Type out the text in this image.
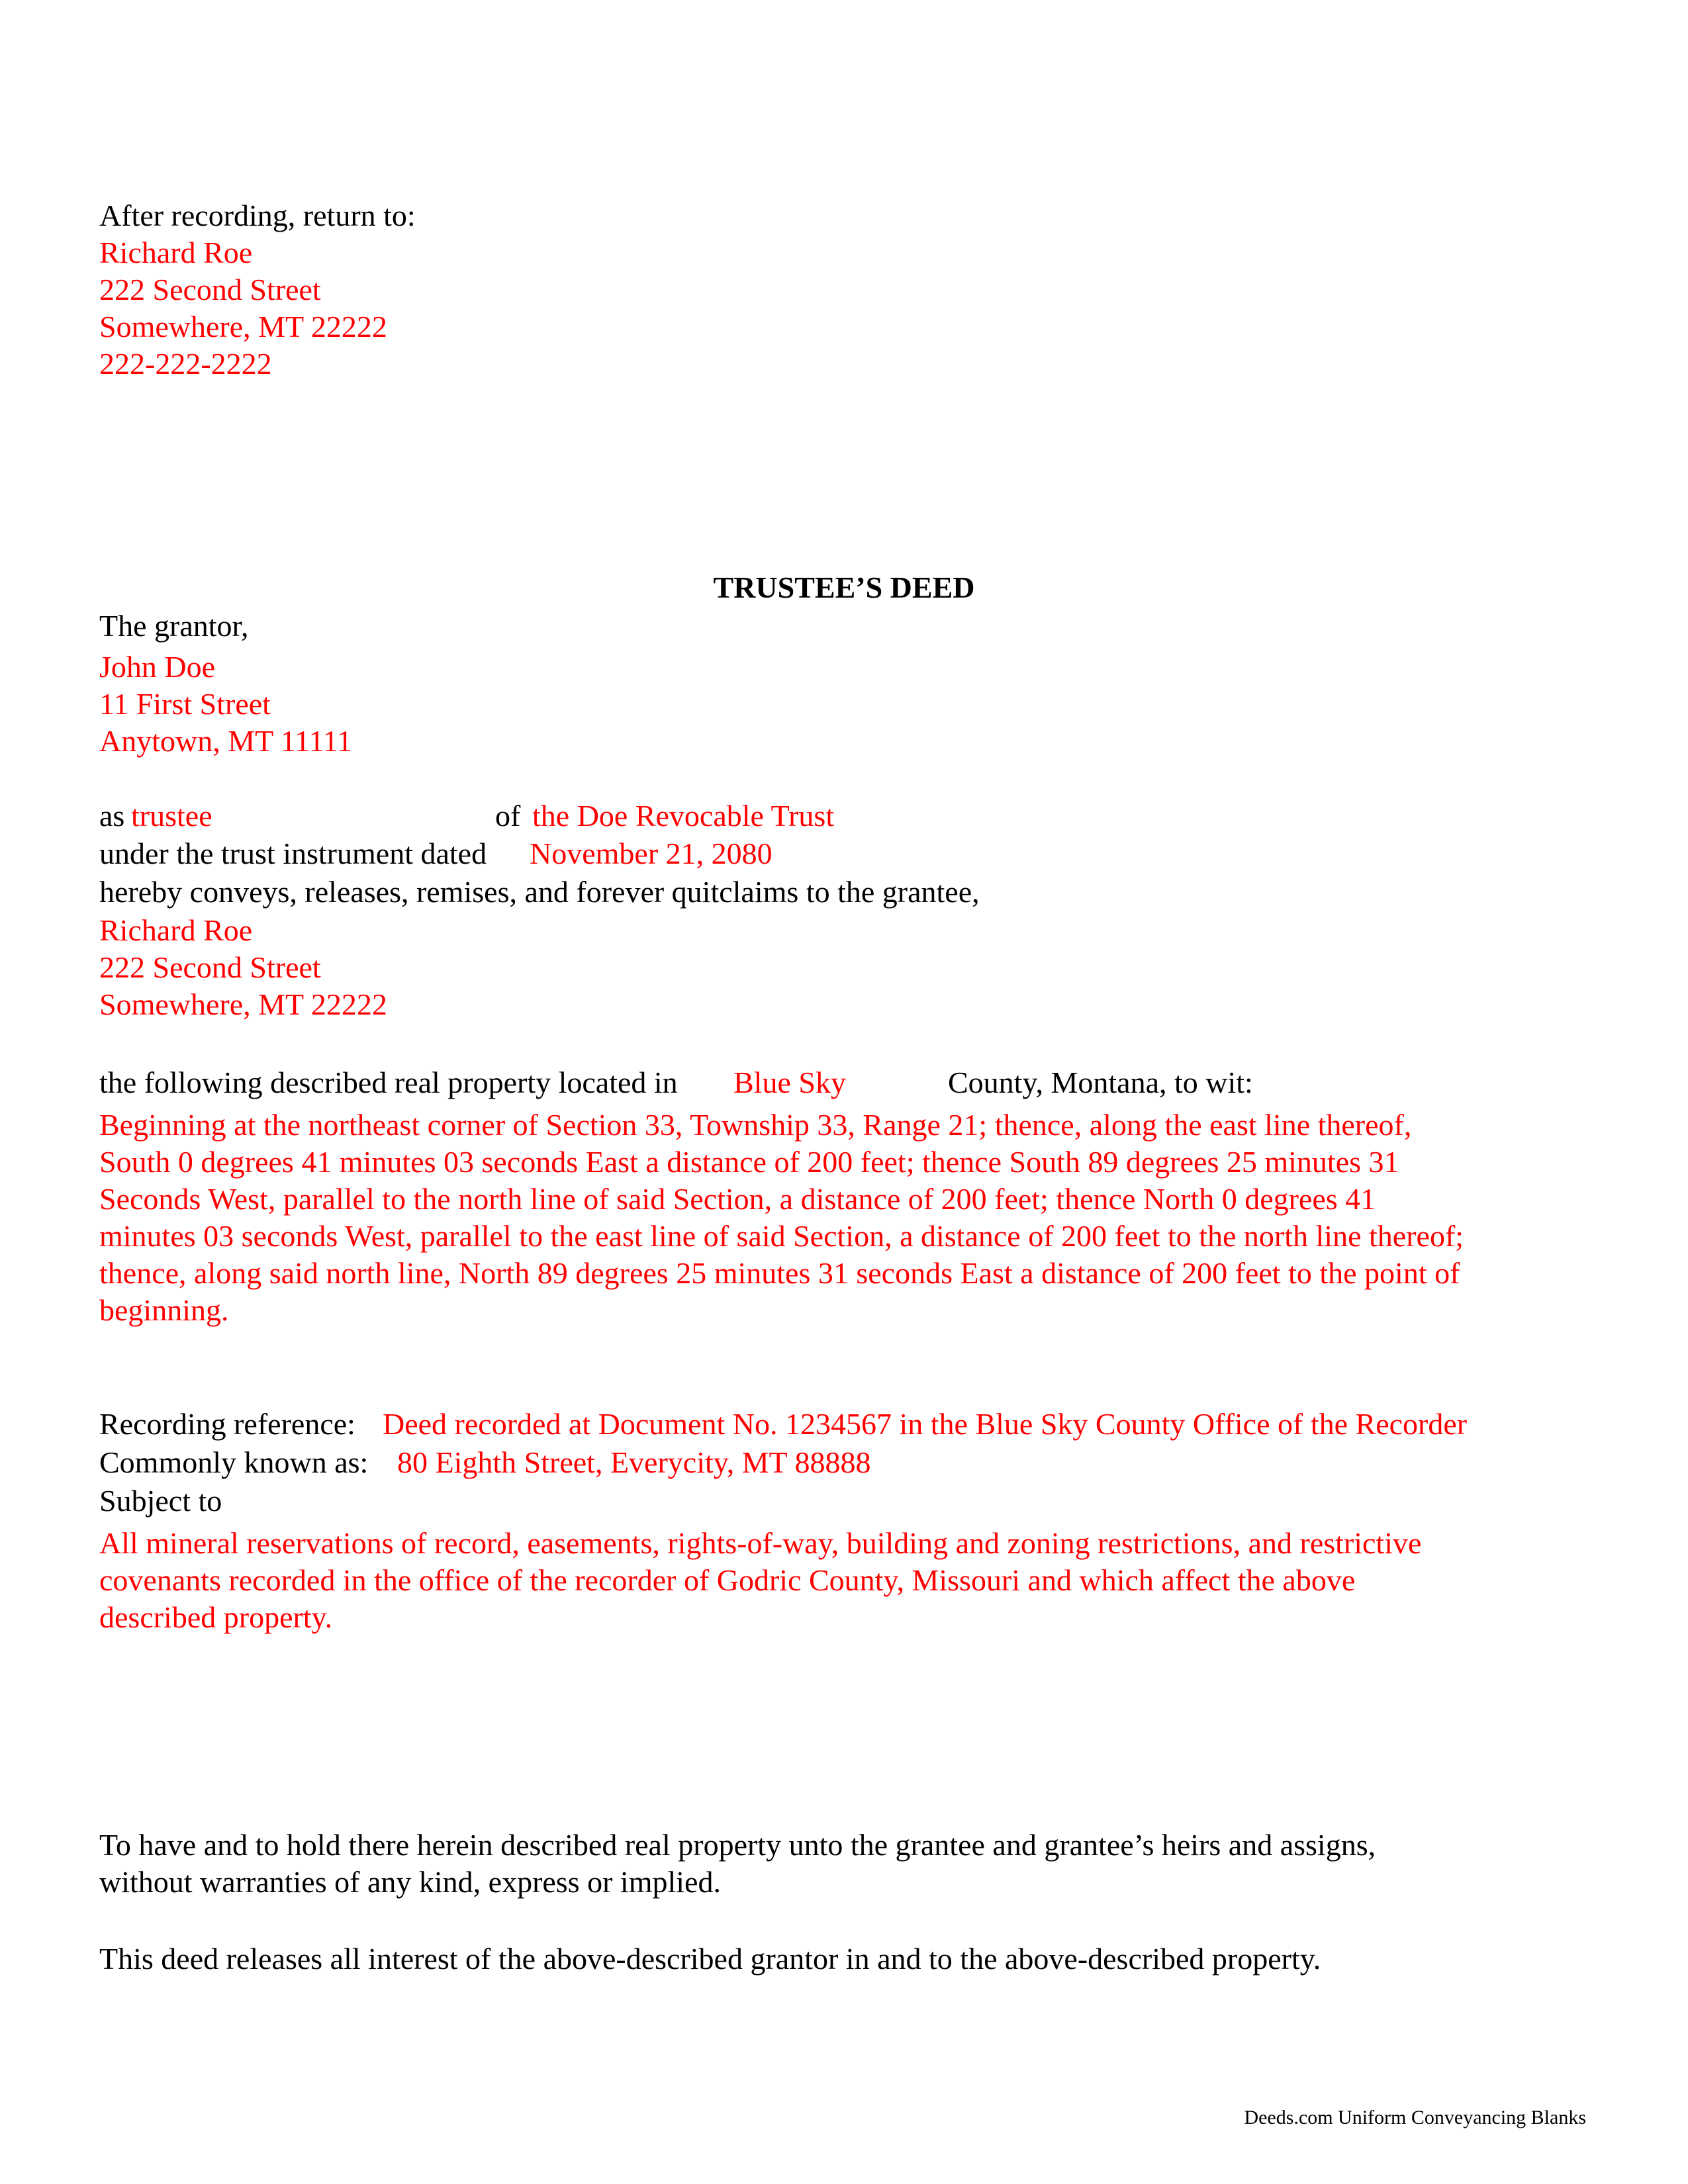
After recording, return to:
Richard Roe
222 Second Street
Somewhere, MT 22222
222-222-2222
TRUSTEE’S DEED
The grantor,
John Doe
11 First Street
Anytown, MT 11111
as trustee	of the Doe Revocable Trust
under the trust instrument dated November 21, 2080
hereby conveys, releases, remises, and forever quitclaims to the grantee,
Richard Roe
222 Second Street
Somewhere, MT 22222
the following described real property located in Blue Sky	County, Montana, to wit:
Beginning at the northeast corner of Section 33, Township 33, Range 21; thence, along the east line thereof,
South 0 degrees 41 minutes 03 seconds East a distance of 200 feet; thence South 89 degrees 25 minutes 31
Seconds West, parallel to the north line of said Section, a distance of 200 feet; thence North 0 degrees 41
minutes 03 seconds West, parallel to the east line of said Section, a distance of 200 feet to the north line thereof;
thence, along said north line, North 89 degrees 25 minutes 31 seconds East a distance of 200 feet to the point of
beginning.
Recording reference: Deed recorded at Document No. 1234567 in the Blue Sky County Office of the Recorder
Commonly known as: 80 Eighth Street, Everycity, MT 88888
Subject to
All mineral reservations of record, easements, rights-of-way, building and zoning restrictions, and restrictive
covenants recorded in the office of the recorder of Godric County, Missouri and which affect the above
described property.
To have and to hold there herein described real property unto the grantee and grantee’s heirs and assigns,
without warranties of any kind, express or implied.
This deed releases all interest of the above-described grantor in and to the above-described property.
Deeds.com Uniform Conveyancing Blanks
